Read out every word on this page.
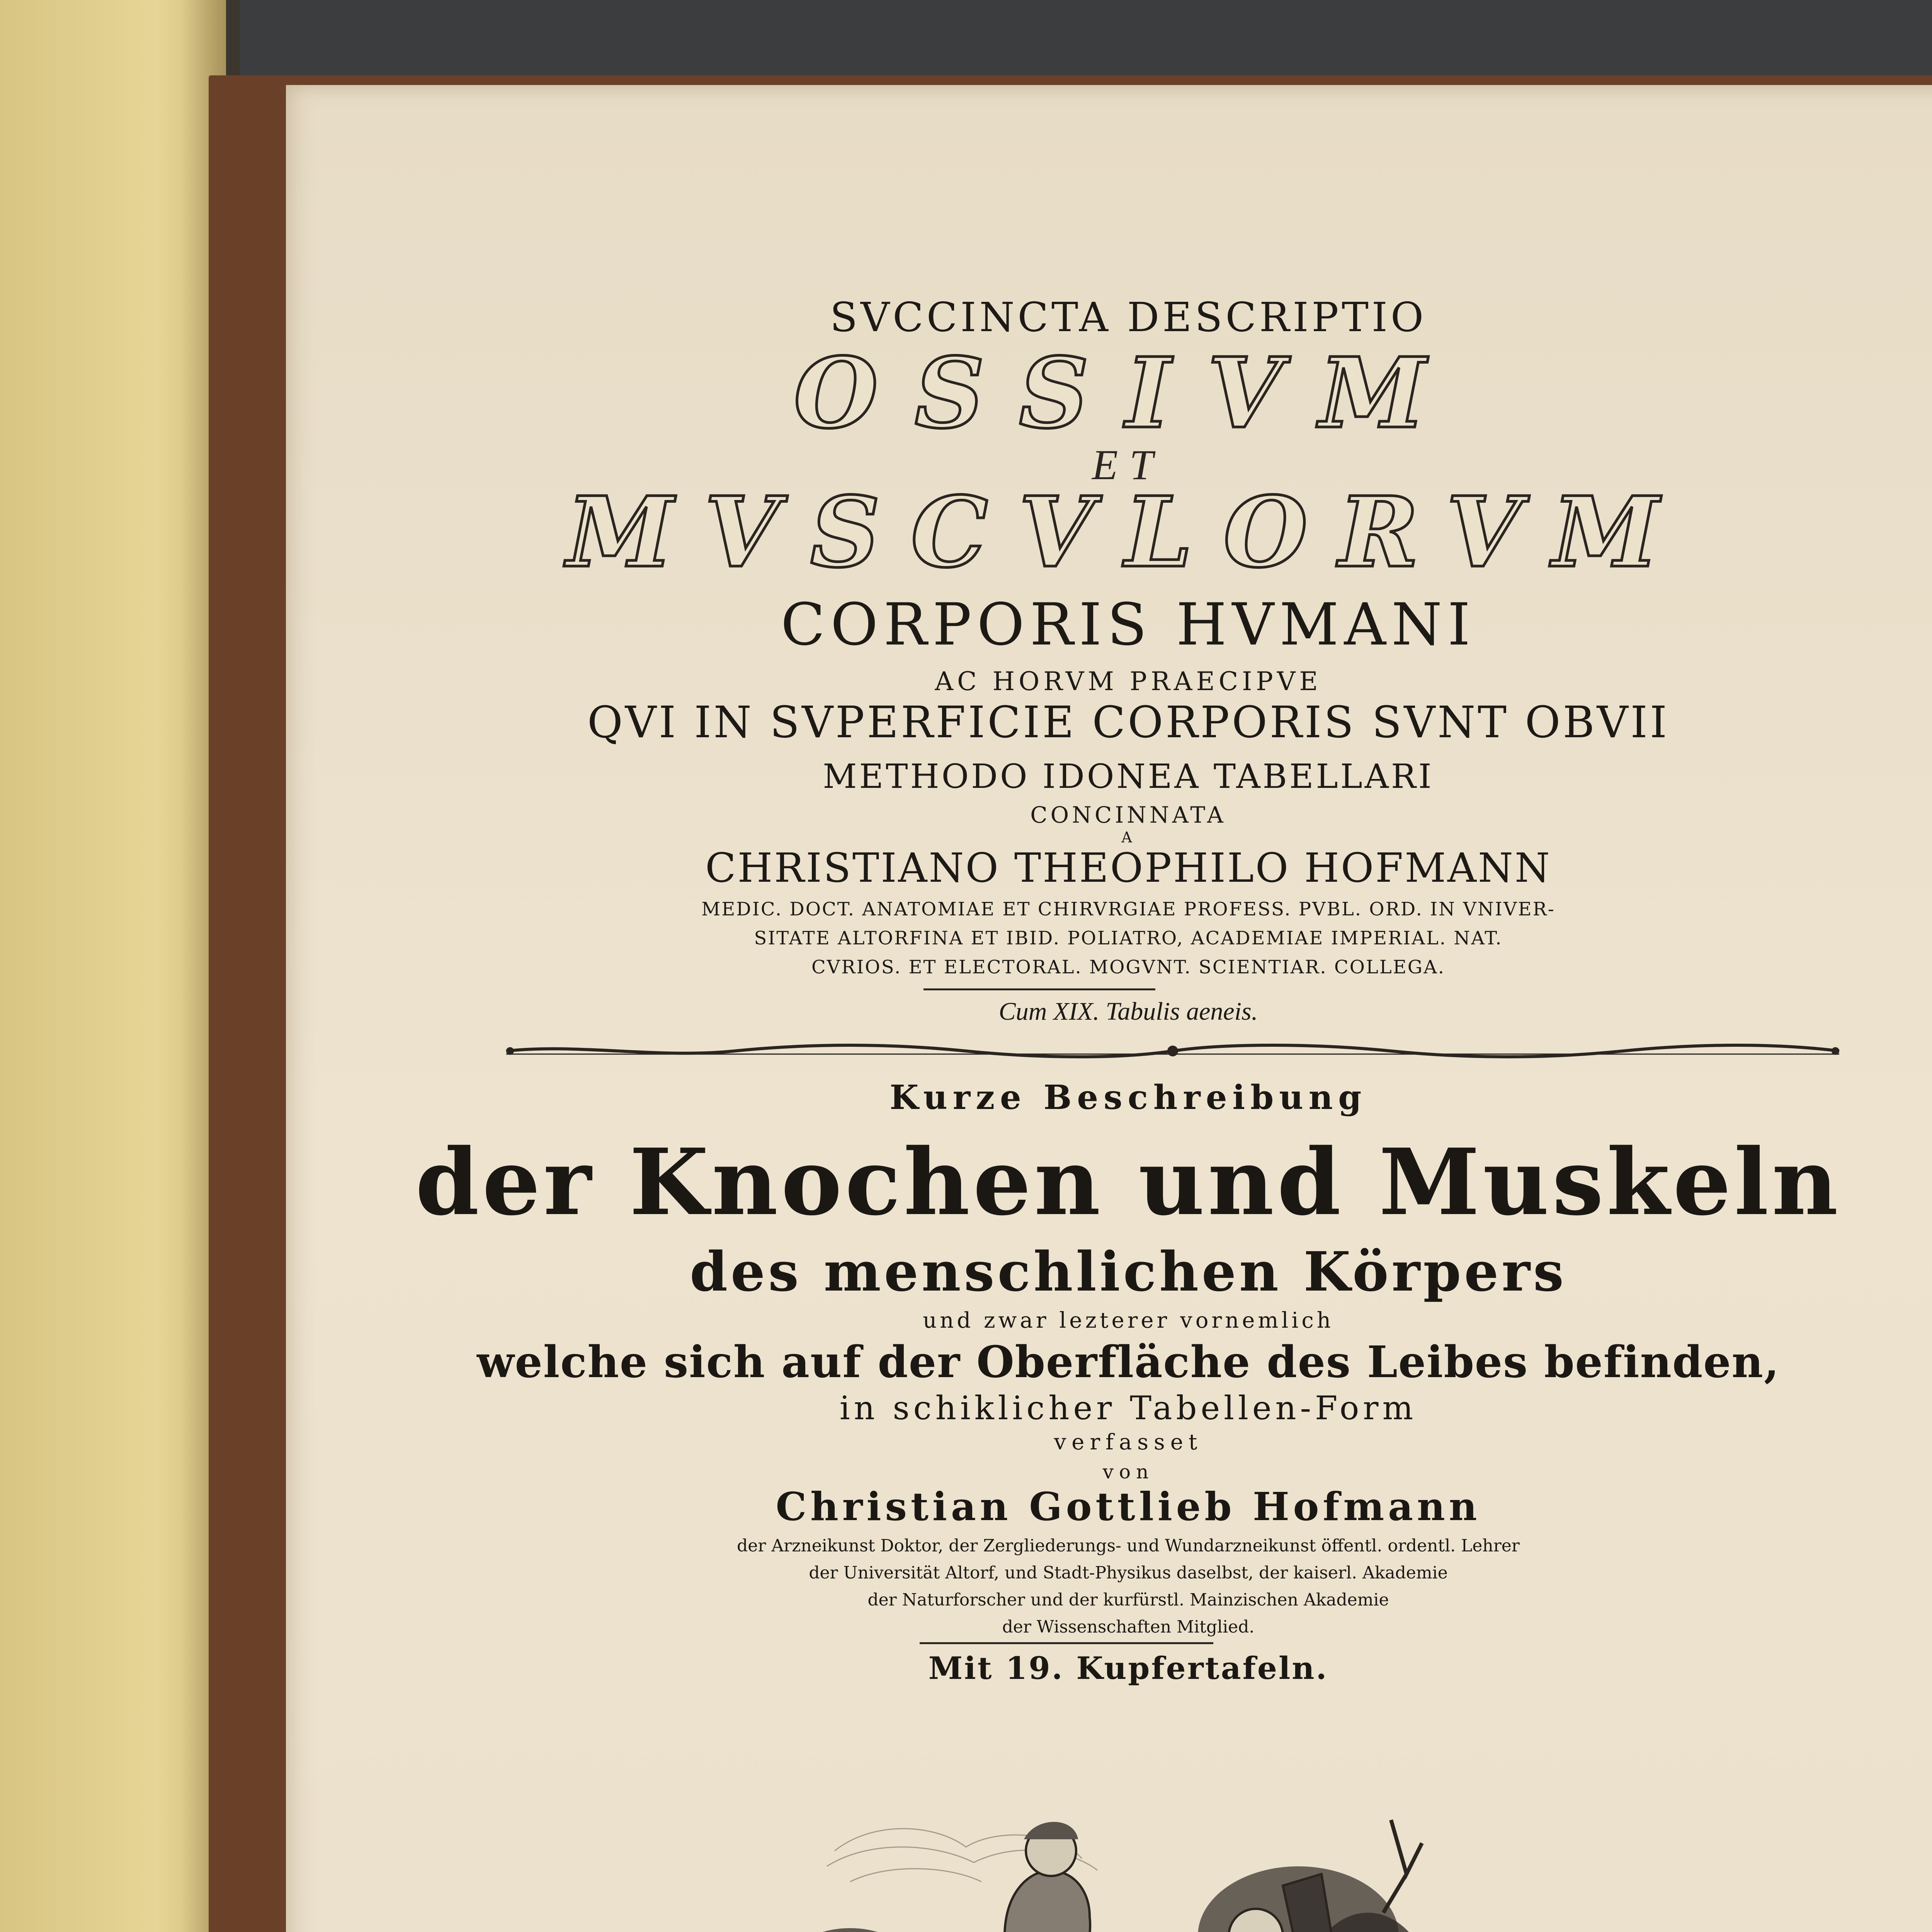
SVCCINCTA DESCRIPTIO
OSSIVM
ET
MVSCVLORVM
CORPORIS HVMANI
AC HORVM PRAECIPVE
QVI IN SVPERFICIE CORPORIS SVNT OBVII
METHODO IDONEA TABELLARI
CONCINNATA
A
CHRISTIANO THEOPHILO HOFMANN
MEDIC. DOCT. ANATOMIAE ET CHIRVRGIAE PROFESS. PVBL. ORD. IN VNIVER-
SITATE ALTORFINA ET IBID. POLIATRO, ACADEMIAE IMPERIAL. NAT.
CVRIOS. ET ELECTORAL. MOGVNT. SCIENTIAR. COLLEGA.
Cum XIX. Tabulis aeneis.
Kurze Beschreibung
der Knochen und Muskeln
des menschlichen Körpers
und zwar lezterer vornemlich
welche sich auf der Oberfläche des Leibes befinden,
in schiklicher Tabellen-Form
verfasset
von
Christian Gottlieb Hofmann
der Arzneikunst Doktor, der Zergliederungs- und Wundarzneikunst öffentl. ordentl. Lehrer
der Universität Altorf, und Stadt-Physikus daselbst, der kaiserl. Akademie
der Naturforscher und der kurfürstl. Mainzischen Akademie
der Wissenschaften Mitglied.
Mit 19. Kupfertafeln.
